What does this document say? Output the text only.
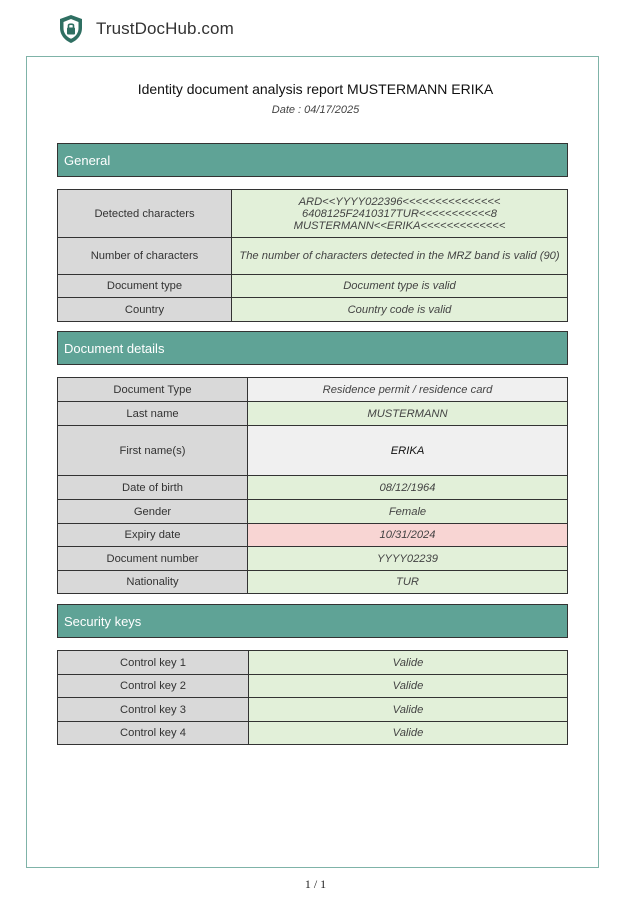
TrustDocHub.com
Identity document analysis report MUSTERMANN ERIKA
Date : 04/17/2025
General
Detected characters	ARD<<YYYY022396<<<<<<<<<<<<<<<
6408125F2410317TUR<<<<<<<<<<<8
MUSTERMANN<<ERIKA<<<<<<<<<<<<<

Number of characters	The number of characters detected in the MRZ band is valid (90)
Document type	Document type is valid
Country	Country code is valid
Document details
Document Type	Residence permit / residence card
Last name	MUSTERMANN
First name(s)	ERIKA
Date of birth	08/12/1964
Gender	Female
Expiry date	10/31/2024
Document number	YYYY02239
Nationality	TUR
Security keys
Control key 1	Valide
Control key 2	Valide
Control key 3	Valide
Control key 4	Valide
1 / 1
